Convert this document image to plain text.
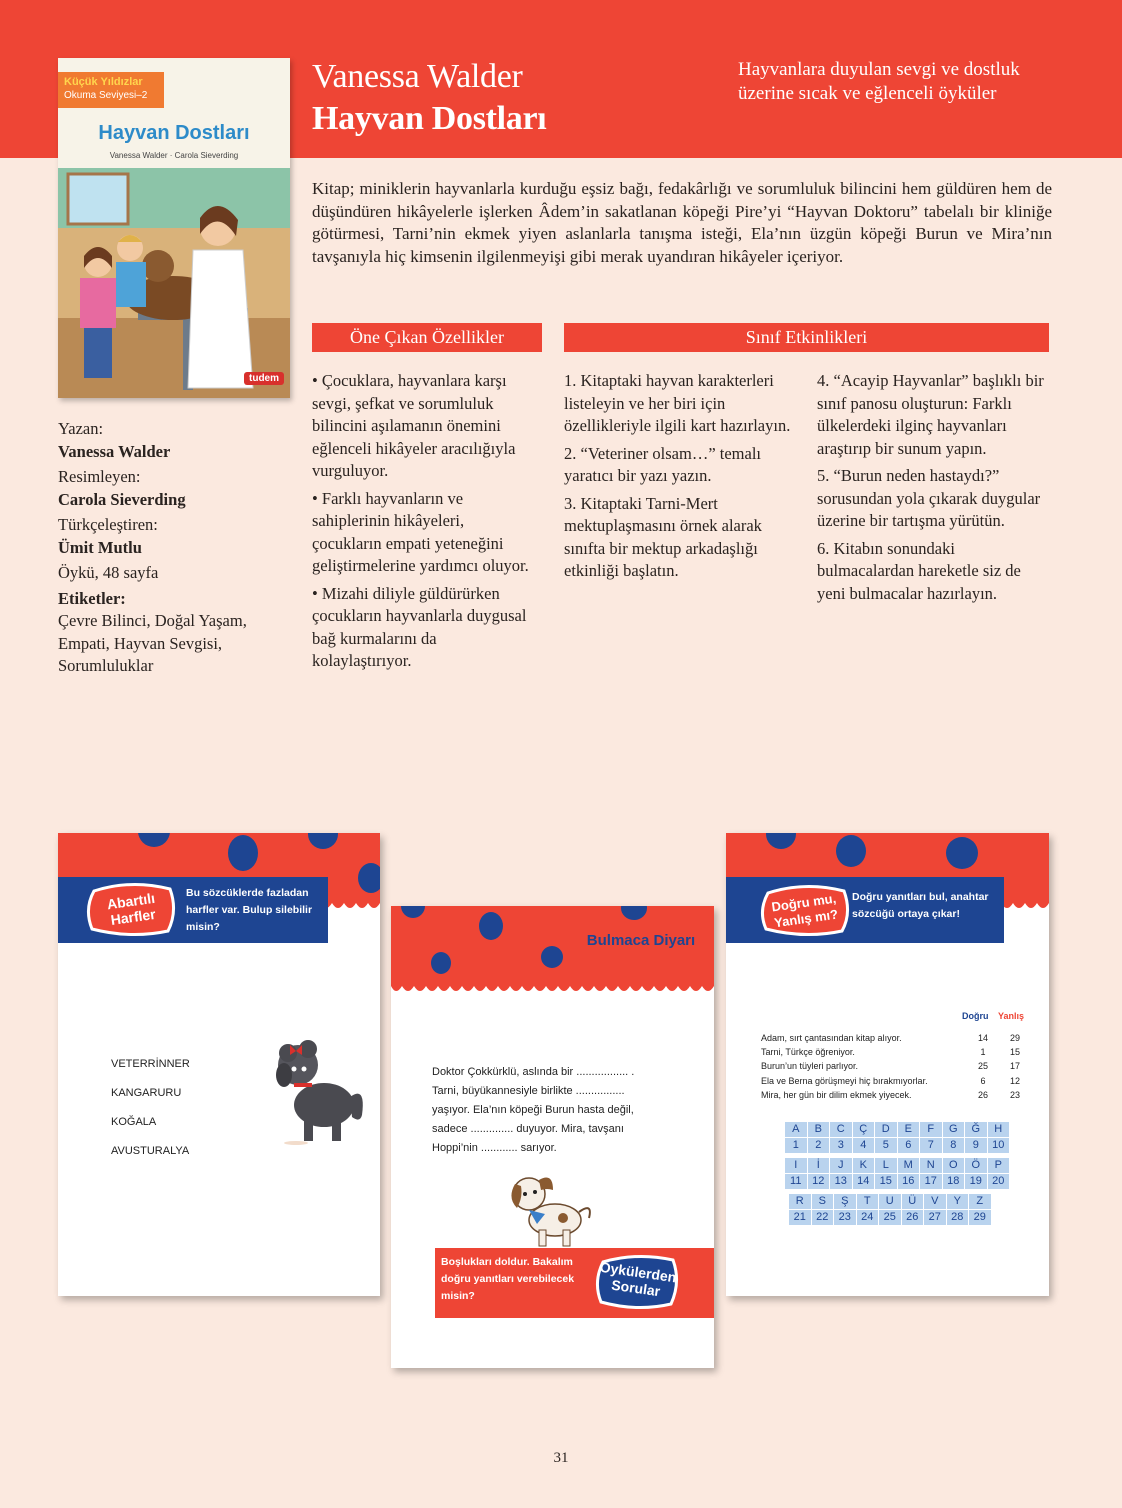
Vanessa Walder
Hayvan Dostları
Hayvanlara duyulan sevgi ve dostluk üzerine sıcak ve eğlenceli öyküler
Küçük Yıldızlar
Okuma Seviyesi–2
Hayvan Dostları
Vanessa Walder · Carola Sieverding
tudem

Kitap; miniklerin hayvanlarla kurduğu eşsiz bağı, fedakârlığı ve sorumluluk bilincini hem güldüren hem de düşündüren hikâyelerle işlerken Âdem’in sakatlanan köpeği Pire’yi “Hayvan Doktoru” tabelalı bir kliniğe götürmesi, Tarni’nin ekmek yiyen aslanlarla tanışma isteği, Ela’nın üzgün köpeği Burun ve Mira’nın tavşanıyla hiç kimsenin ilgilenmeyişi gibi merak uyandıran hikâyeler içeriyor.

Yazan:
Vanessa Walder
Resimleyen:
Carola Sieverding
Türkçeleştiren:
Ümit Mutlu
Öykü, 48 sayfa
Etiketler:
Çevre Bilinci, Doğal Yaşam, Empati, Hayvan Sevgisi, Sorumluluklar
Öne Çıkan Özellikler	Sınıf Etkinlikleri

• Çocuklara, hayvanlara karşı sevgi, şefkat ve sorumluluk bilincini aşılamanın önemini eğlenceli hikâyeler aracılığıyla vurguluyor.

• Farklı hayvanların ve sahiplerinin hikâyeleri, çocukların empati yeteneğini geliştirmelerine yardımcı oluyor.

• Mizahi diliyle güldürürken çocukların hayvanlarla duygusal bağ kurmalarını da kolaylaştırıyor.

1. Kitaptaki hayvan karakterleri listeleyin ve her biri için özellikleriyle ilgili kart hazırlayın.

2. “Veteriner olsam…” temalı yaratıcı bir yazı yazın.

3. Kitaptaki Tarni-Mert mektuplaşmasını örnek alarak sınıfta bir mektup arkadaşlığı etkinliği başlatın.

4. “Acayip Hayvanlar” başlıklı bir sınıf panosu oluşturun: Farklı ülkelerdeki ilginç hayvanları araştırıp bir sunum yapın.

5. “Burun neden hastaydı?” sorusundan yola çıkarak duygular üzerine bir tartışma yürütün.

6. Kitabın sonundaki bulmacalardan hareketle siz de yeni bulmacalar hazırlayın.

Abartılı Harfler
Bu sözcüklerde fazladan harfler var. Bulup silebilir misin?
VETERRİNNER
KANGARURU
KOĞALA
AVUSTURALYA
Bulmaca Diyarı

Doktor Çokkürklü, aslında bir ................. . Tarni, büyükannesiyle birlikte ................ yaşıyor. Ela’nın köpeği Burun hasta değil, sadece .............. duyuyor. Mira, tavşanı Hoppi’nin ............ sarıyor.

Boşlukları doldur. Bakalım doğru yanıtları verebilecek misin?
Öykülerden Sorular
Doğru mu, Yanlış mı?
Doğru yanıtları bul, anahtar sözcüğü ortaya çıkar!
Doğru Yanlış
Adam, sırt çantasından kitap alıyor.	14	29
Tarni, Türkçe öğreniyor.	1	15
Burun’un tüyleri parlıyor.	25	17
Ela ve Berna görüşmeyi hiç bırakmıyorlar.	6	12
Mira, her gün bir dilim ekmek yiyecek.	26	23
A	B	C	Ç	D	E	F	G	Ğ	H
1	2	3	4	5	6	7	8	9	10
I	İ	J	K	L	M	N	O	Ö	P
11	12	13	14	15	16	17	18	19	20
R	S	Ş	T	U	Ü	V	Y	Z
21	22	23	24	25	26	27	28	29
31
